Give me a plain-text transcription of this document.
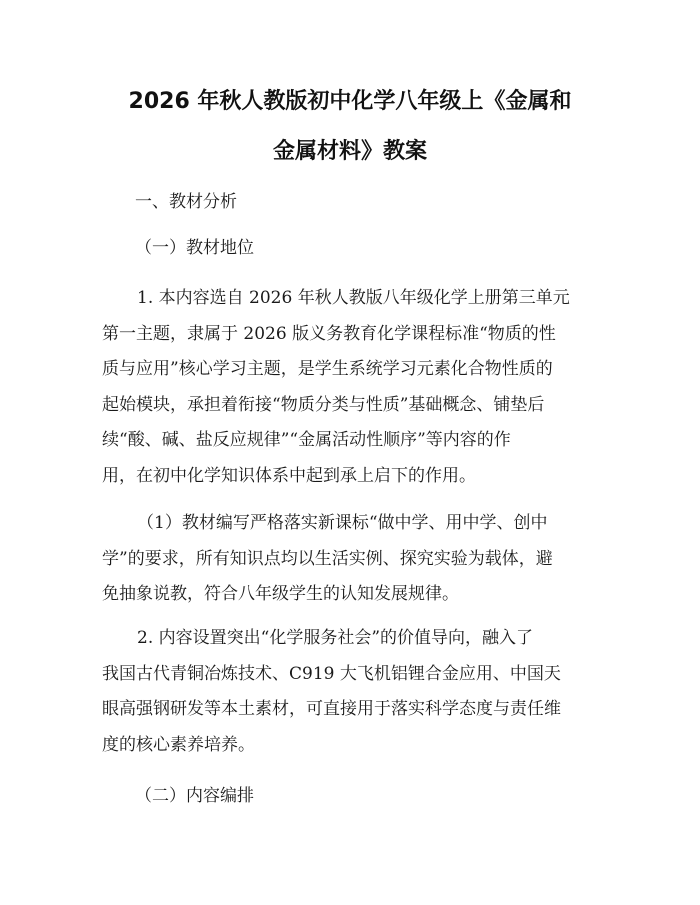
2026 年秋人教版初中化学八年级上《金属和
金属材料》教案
一、教材分析
（一）教材地位
1. 本内容选自 2026 年秋人教版八年级化学上册第三单元
第一主题，隶属于 2026 版义务教育化学课程标准“物质的性
质与应用”核心学习主题，是学生系统学习元素化合物性质的
起始模块，承担着衔接“物质分类与性质”基础概念、铺垫后
续“酸、碱、盐反应规律”“金属活动性顺序”等内容的作
用，在初中化学知识体系中起到承上启下的作用。
（1）教材编写严格落实新课标“做中学、用中学、创中
学”的要求，所有知识点均以生活实例、探究实验为载体，避
免抽象说教，符合八年级学生的认知发展规律。
2. 内容设置突出“化学服务社会”的价值导向，融入了
我国古代青铜冶炼技术、C919 大飞机铝锂合金应用、中国天
眼高强钢研发等本土素材，可直接用于落实科学态度与责任维
度的核心素养培养。
（二）内容编排
